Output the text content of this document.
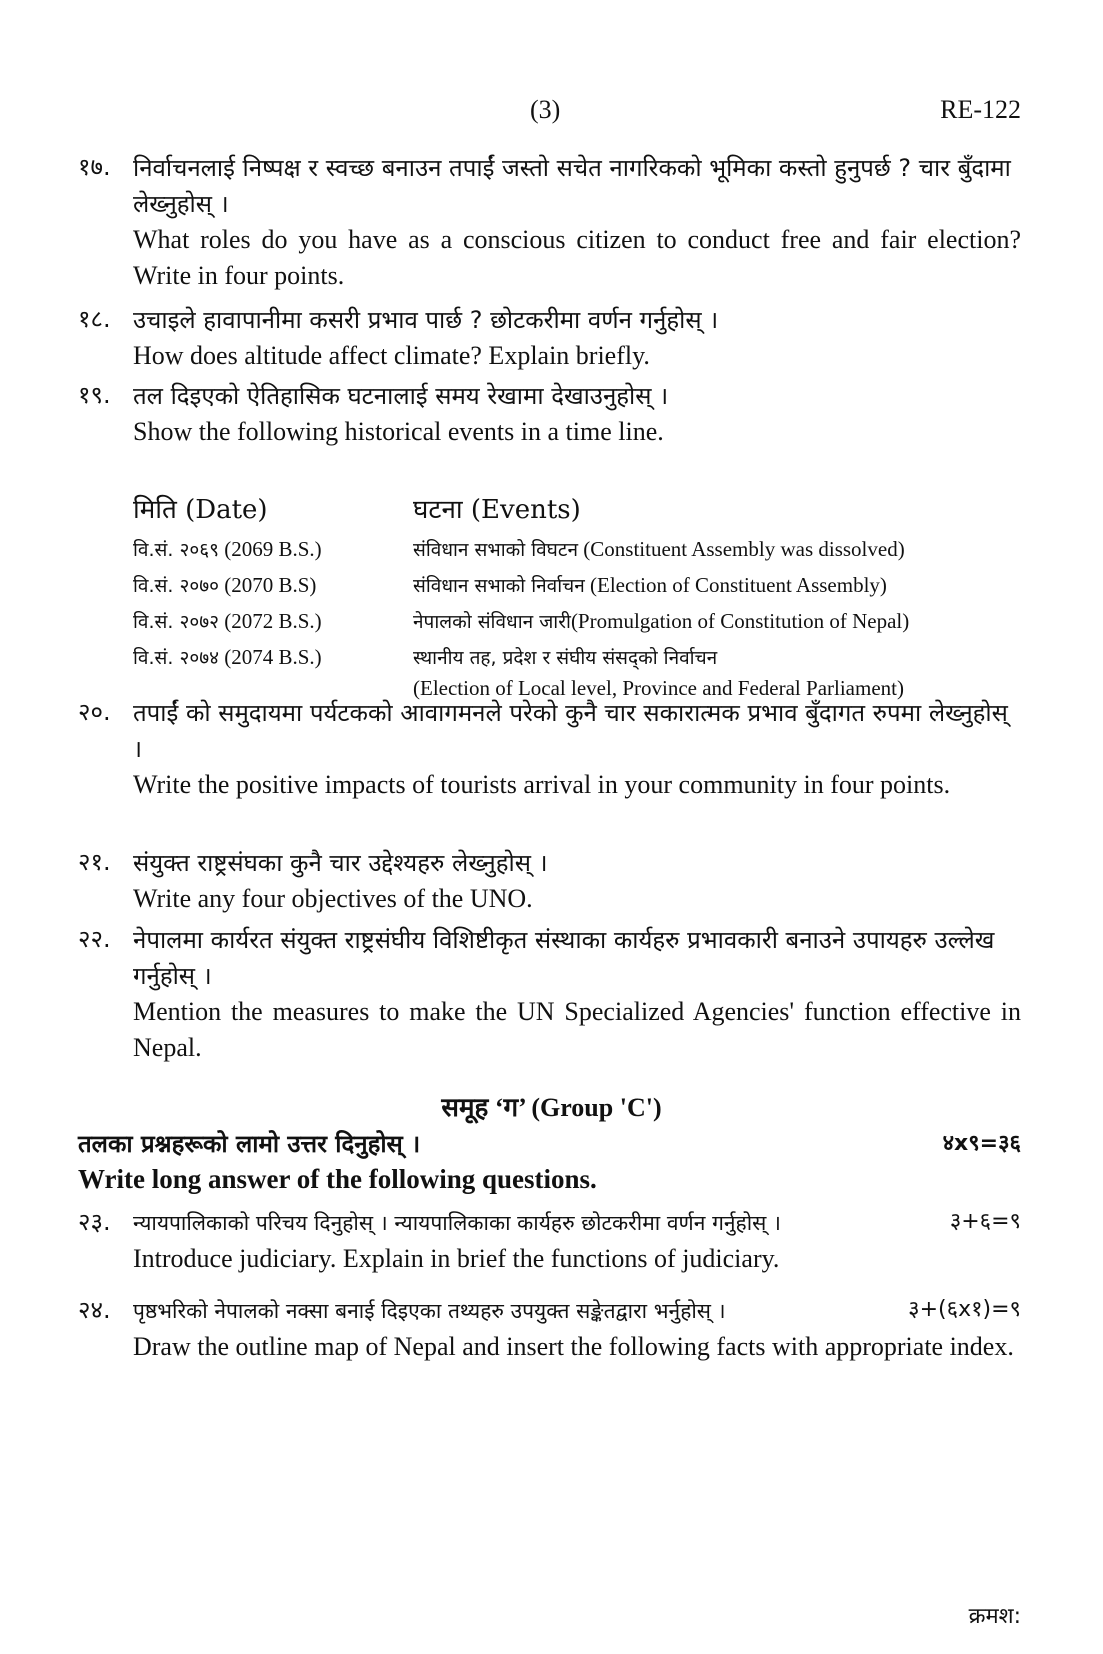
(3)	RE-122
१७. निर्वाचनलाई निष्पक्ष र स्वच्छ बनाउन तपाईं जस्तो सचेत नागरिकको भूमिका कस्तो हुनुपर्छ ? चार बुँदामा लेख्नुहोस् ।
What roles do you have as a conscious citizen to conduct free and fair election? Write in four points.
१८. उचाइले हावापानीमा कसरी प्रभाव पार्छ ? छोटकरीमा वर्णन गर्नुहोस् ।
How does altitude affect climate? Explain briefly.
१९. तल दिइएको ऐतिहासिक घटनालाई समय रेखामा देखाउनुहोस् ।
Show the following historical events in a time line.
मिति (Date)	घटना (Events)
वि.सं. २०६९ (2069 B.S.)	संविधान सभाको विघटन (Constituent Assembly was dissolved)
वि.सं. २०७० (2070 B.S)	संविधान सभाको निर्वाचन (Election of Constituent Assembly)
वि.सं. २०७२ (2072 B.S.)	नेपालको संविधान जारी(Promulgation of Constitution of Nepal)
वि.सं. २०७४ (2074 B.S.)	स्थानीय तह, प्रदेश र संघीय संसद्को निर्वाचन
(Election of Local level, Province and Federal Parliament)
२०. तपाईं को समुदायमा पर्यटकको आवागमनले परेको कुनै चार सकारात्मक प्रभाव बुँदागत रुपमा लेख्नुहोस् ।
Write the positive impacts of tourists arrival in your community in four points.
२१. संयुक्त राष्ट्रसंघका कुनै चार उद्देश्यहरु लेख्नुहोस् ।
Write any four objectives of the UNO.
२२. नेपालमा कार्यरत संयुक्त राष्ट्रसंघीय विशिष्टीकृत संस्थाका कार्यहरु प्रभावकारी बनाउने उपायहरु उल्लेख गर्नुहोस् ।
Mention the measures to make the UN Specialized Agencies' function effective in Nepal.
समूह ‘ग’ (Group 'C')
तलका प्रश्नहरूको लामो उत्तर दिनुहोस् ।	४x९=३६
Write long answer of the following questions.
२३. न्यायपालिकाको परिचय दिनुहोस् । न्यायपालिकाका कार्यहरु छोटकरीमा वर्णन गर्नुहोस् ।	३+६=९
Introduce judiciary. Explain in brief the functions of judiciary.
२४. पृष्ठभरिको नेपालको नक्सा बनाई दिइएका तथ्यहरु उपयुक्त सङ्केतद्वारा भर्नुहोस् ।	३+(६x१)=९
Draw the outline map of Nepal and insert the following facts with appropriate index.
क्रमश:
